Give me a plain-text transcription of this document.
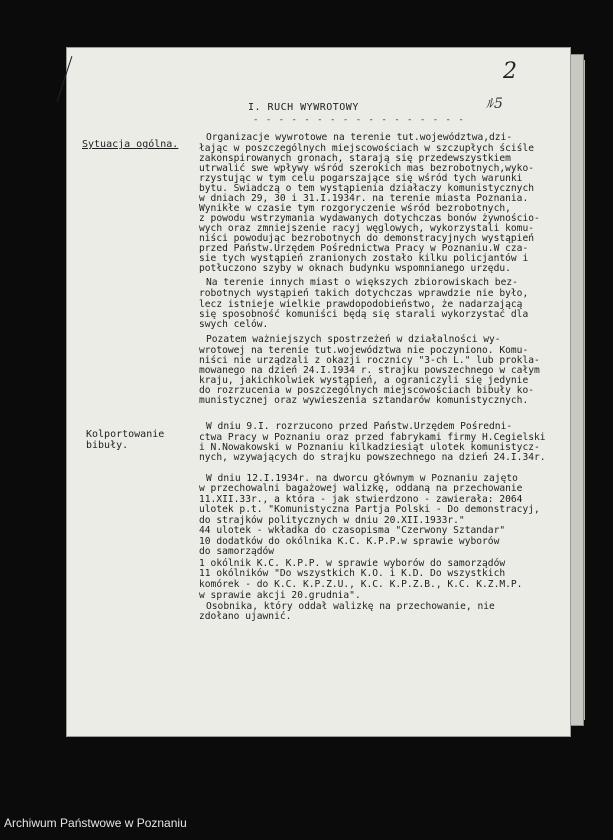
2
ﾙ5
I. RUCH WYWROTOWY
- - - - - - - - - - - - - - - - -
Sytuacja ogólna.
Kolportowanie bibuły.
Organizacje wywrotowe na terenie tut.województwa,dzi-
łając w poszczególnych miejscowościach w szczupłych ściśle
zakonspirowanych gronach, starają się przedewszystkiem
utrwalić swe wpływy wśród szerokich mas bezrobotnych,wyko-
rzystując w tym celu pogarszające się wśród tych warunki
bytu. Świadczą o tem wystąpienia działaczy komunistycznych
w dniach 29, 30 i 31.I.1934r. na terenie miasta Poznania.
Wynikłe w czasie tym rozgoryczenie wśród bezrobotnych,
z powodu wstrzymania wydawanych dotychczas bonów żywnościo-
wych oraz zmniejszenie racyj węglowych, wykorzystali komu-
niści powodując bezrobotnych do demonstracyjnych wystąpień
przed Państw.Urzędem Pośrednictwa Pracy w Poznaniu.W cza-
sie tych wystąpień zranionych zostało kilku policjantów i
potłuczono szyby w oknach budynku wspomnianego urzędu.
Na terenie innych miast o większych zbiorowiskach bez-
robotnych wystąpień takich dotychczas wprawdzie nie było,
lecz istnieje wielkie prawdopodobieństwo, że nadarzającą
się sposobność komuniści będą się starali wykorzystać dla
swych celów.
Pozatem ważniejszych spostrzeżeń w działalności wy-
wrotowej na terenie tut.województwa nie poczyniono. Komu-
niści nie urządzali z okazji rocznicy "3-ch L." lub prokla-
mowanego na dzień 24.I.1934 r. strajku powszechnego w całym
kraju, jakichkolwiek wystąpień, a ograniczyli się jedynie
do rozrzucenia w poszczególnych miejscowościach bibuły ko-
munistycznej oraz wywieszenia sztandarów komunistycznych.
W dniu 9.I. rozrzucono przed Państw.Urzędem Pośredni-
ctwa Pracy w Poznaniu oraz przed fabrykami firmy H.Cegielski
i N.Nowakowski w Poznaniu kilkadziesiąt ulotek komunistycz-
nych, wzywających do strajku powszechnego na dzień 24.I.34r.
W dniu 12.I.1934r. na dworcu głównym w Poznaniu zajęto
w przechowalni bagażowej walizkę, oddaną na przechowanie
11.XII.33r., a która - jak stwierdzono - zawierała: 2064
ulotek p.t. "Komunistyczna Partja Polski - Do demonstracyj,
do strajków politycznych w dniu 20.XII.1933r."
44 ulotek - wkładka do czasopisma "Czerwony Sztandar"
10 dodatków do okólnika K.C. K.P.P.w sprawie wyborów
do samorządów
1 okólnik K.C. K.P.P. w sprawie wyborów do samorządów
11 okólników "Do wszystkich K.O. i K.D. Do wszystkich
komórek - do K.C. K.P.Z.U., K.C. K.P.Z.B., K.C. K.Z.M.P.
w sprawie akcji 20.grudnia".
Osobnika, który oddał walizkę na przechowanie, nie
zdołano ujawnić.
Archiwum Państwowe w Poznaniu
